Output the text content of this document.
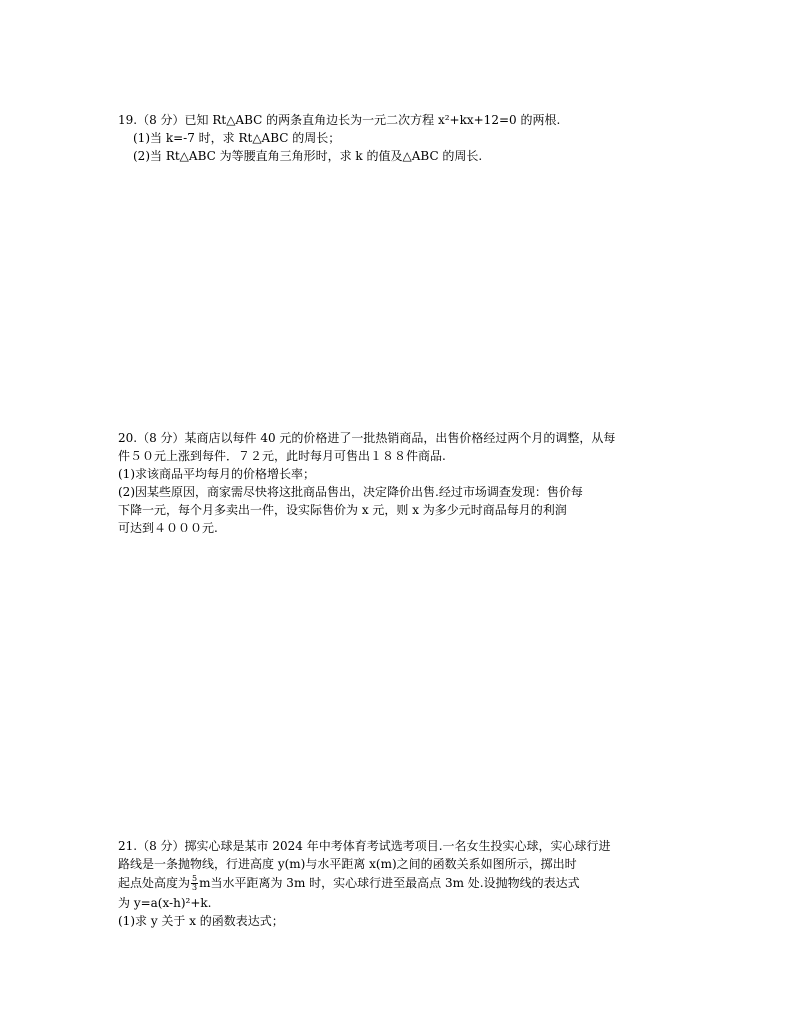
19.（8 分）已知 Rt△ABC 的两条直角边长为一元二次方程 x²+kx+12=0 的两根.
(1)当 k=-7 时，求 Rt△ABC 的周长；
(2)当 Rt△ABC 为等腰直角三角形时，求 k 的值及△ABC 的周长.
20.（8 分）某商店以每件 40 元的价格进了一批热销商品，出售价格经过两个月的调整，从每
件５０元上涨到每件．７２元，此时每月可售出１８８件商品.
(1)求该商品平均每月的价格增长率；
(2)因某些原因，商家需尽快将这批商品售出，决定降价出售.经过市场调查发现：售价每
下降一元，每个月多卖出一件，设实际售价为 x 元，则 x 为多少元时商品每月的利润
可达到４０００元.
21.（8 分）掷实心球是某市 2024 年中考体育考试选考项目.一名女生投实心球，实心球行进
路线是一条抛物线，行进高度 y(m)与水平距离 x(m)之间的函数关系如图所示，掷出时
起点处高度为 $\frac{5}{3}$ m当水平距离为 3m 时，实心球行进至最高点 3m 处.设抛物线的表达式
为 y=a(x-h)²+k.
(1)求 y 关于 x 的函数表达式；
